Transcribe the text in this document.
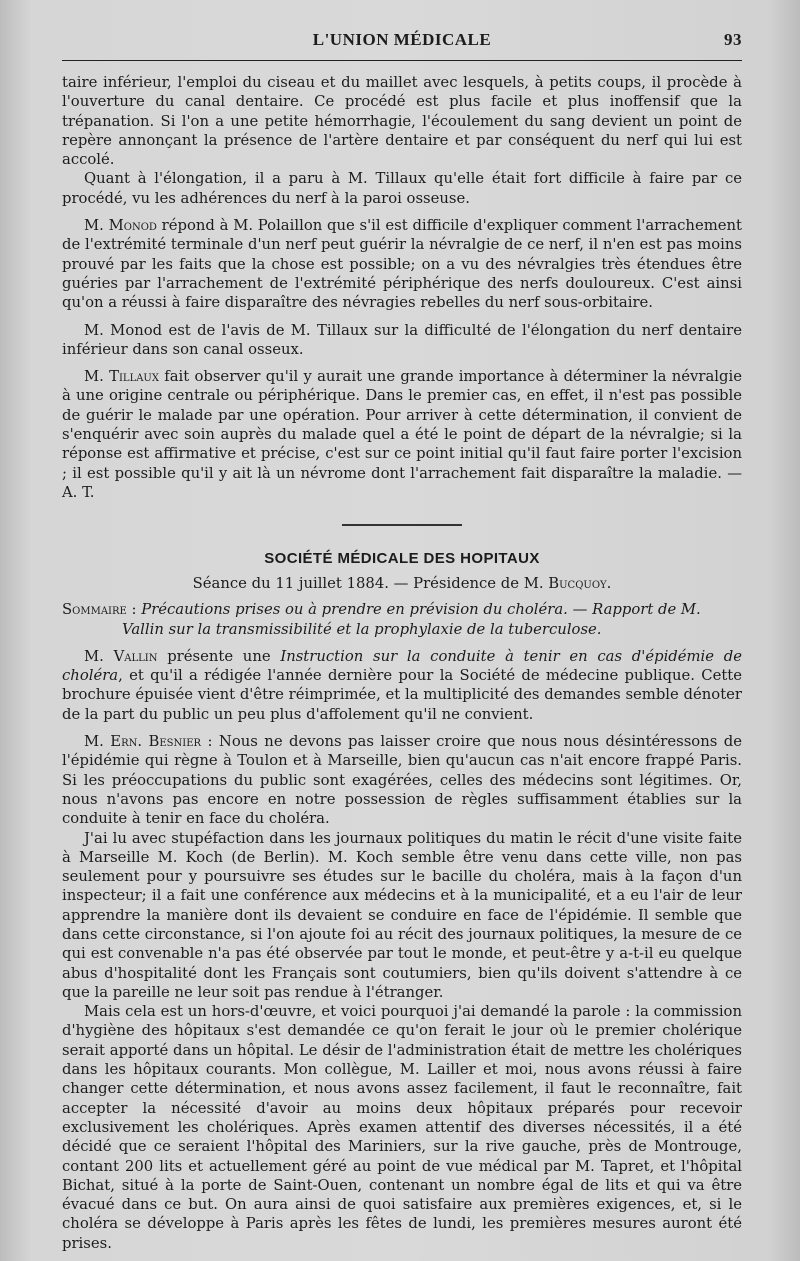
L'UNION MÉDICALE	93

taire inférieur, l'emploi du ciseau et du maillet avec lesquels, à petits coups, il procède à l'ouverture du canal dentaire. Ce procédé est plus facile et plus inoffensif que la trépanation. Si l'on a une petite hémorrhagie, l'écoulement du sang devient un point de repère annonçant la présence de l'artère dentaire et par conséquent du nerf qui lui est accolé.

Quant à l'élongation, il a paru à M. Tillaux qu'elle était fort difficile à faire par ce procédé, vu les adhérences du nerf à la paroi osseuse.

M. Monod répond à M. Polaillon que s'il est difficile d'expliquer comment l'arrachement de l'extrémité terminale d'un nerf peut guérir la névralgie de ce nerf, il n'en est pas moins prouvé par les faits que la chose est possible; on a vu des névralgies très étendues être guéries par l'arrachement de l'extrémité périphérique des nerfs douloureux. C'est ainsi qu'on a réussi à faire disparaître des névragies rebelles du nerf sous-orbitaire.

M. Monod est de l'avis de M. Tillaux sur la difficulté de l'élongation du nerf dentaire inférieur dans son canal osseux.

M. Tillaux fait observer qu'il y aurait une grande importance à déterminer la névralgie à une origine centrale ou périphérique. Dans le premier cas, en effet, il n'est pas possible de guérir le malade par une opération. Pour arriver à cette détermination, il convient de s'enquérir avec soin auprès du malade quel a été le point de départ de la névralgie; si la réponse est affirmative et précise, c'est sur ce point initial qu'il faut faire porter l'excision ; il est possible qu'il y ait là un névrome dont l'arrachement fait disparaître la maladie. — A. T.

SOCIÉTÉ MÉDICALE DES HOPITAUX
Séance du 11 juillet 1884. — Présidence de M. Bucquoy.
Sommaire : Précautions prises ou à prendre en prévision du choléra. — Rapport de M. Vallin sur la transmissibilité et la prophylaxie de la tuberculose.

M. Vallin présente une Instruction sur la conduite à tenir en cas d'épidémie de choléra, et qu'il a rédigée l'année dernière pour la Société de médecine publique. Cette brochure épuisée vient d'être réimprimée, et la multiplicité des demandes semble dénoter de la part du public un peu plus d'affolement qu'il ne convient.

M. Ern. Besnier : Nous ne devons pas laisser croire que nous nous désintéressons de l'épidémie qui règne à Toulon et à Marseille, bien qu'aucun cas n'ait encore frappé Paris. Si les préoccupations du public sont exagérées, celles des médecins sont légitimes. Or, nous n'avons pas encore en notre possession de règles suffisamment établies sur la conduite à tenir en face du choléra.

J'ai lu avec stupéfaction dans les journaux politiques du matin le récit d'une visite faite à Marseille M. Koch (de Berlin). M. Koch semble être venu dans cette ville, non pas seulement pour y poursuivre ses études sur le bacille du choléra, mais à la façon d'un inspecteur; il a fait une conférence aux médecins et à la municipalité, et a eu l'air de leur apprendre la manière dont ils devaient se conduire en face de l'épidémie. Il semble que dans cette circonstance, si l'on ajoute foi au récit des journaux politiques, la mesure de ce qui est convenable n'a pas été observée par tout le monde, et peut-être y a-t-il eu quelque abus d'hospitalité dont les Français sont coutumiers, bien qu'ils doivent s'attendre à ce que la pareille ne leur soit pas rendue à l'étranger.

Mais cela est un hors-d'œuvre, et voici pourquoi j'ai demandé la parole : la commission d'hygiène des hôpitaux s'est demandée ce qu'on ferait le jour où le premier cholérique serait apporté dans un hôpital. Le désir de l'administration était de mettre les cholériques dans les hôpitaux courants. Mon collègue, M. Lailler et moi, nous avons réussi à faire changer cette détermination, et nous avons assez facilement, il faut le reconnaître, fait accepter la nécessité d'avoir au moins deux hôpitaux préparés pour recevoir exclusivement les cholériques. Après examen attentif des diverses nécessités, il a été décidé que ce seraient l'hôpital des Mariniers, sur la rive gauche, près de Montrouge, contant 200 lits et actuellement géré au point de vue médical par M. Tapret, et l'hôpital Bichat, situé à la porte de Saint-Ouen, contenant un nombre égal de lits et qui va être évacué dans ce but. On aura ainsi de quoi satisfaire aux premières exigences, et, si le choléra se développe à Paris après les fêtes de lundi, les premières mesures auront été prises.
